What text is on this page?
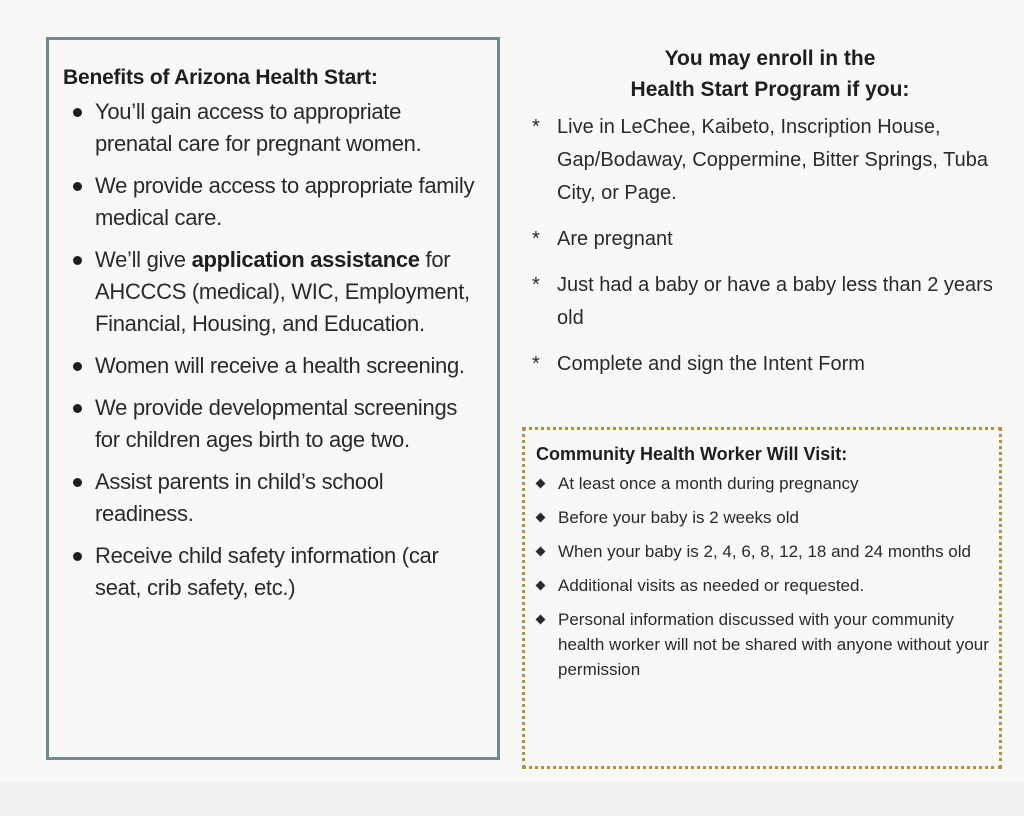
Benefits of Arizona Health Start:
You’ll gain access to appropriate prenatal care for pregnant women.
We provide access to appropriate family medical care.
We’ll give application assistance for AHCCCS (medical), WIC, Employment, Financial, Housing, and Education.
Women will receive a health screening.
We provide developmental screenings for children ages birth to age two.
Assist parents in child’s school readiness.
Receive child safety information (car seat, crib safety, etc.)
You may enroll in the
Health Start Program if you:
* Live in LeChee, Kaibeto, Inscription House, Gap/Bodaway, Coppermine, Bitter Springs, Tuba City, or Page.
* Are pregnant
* Just had a baby or have a baby less than 2 years old
* Complete and sign the Intent Form
Community Health Worker Will Visit:
At least once a month during pregnancy
Before your baby is 2 weeks old
When your baby is 2, 4, 6, 8, 12, 18 and 24 months old
Additional visits as needed or requested.
Personal information discussed with your community health worker will not be shared with anyone without your permission
